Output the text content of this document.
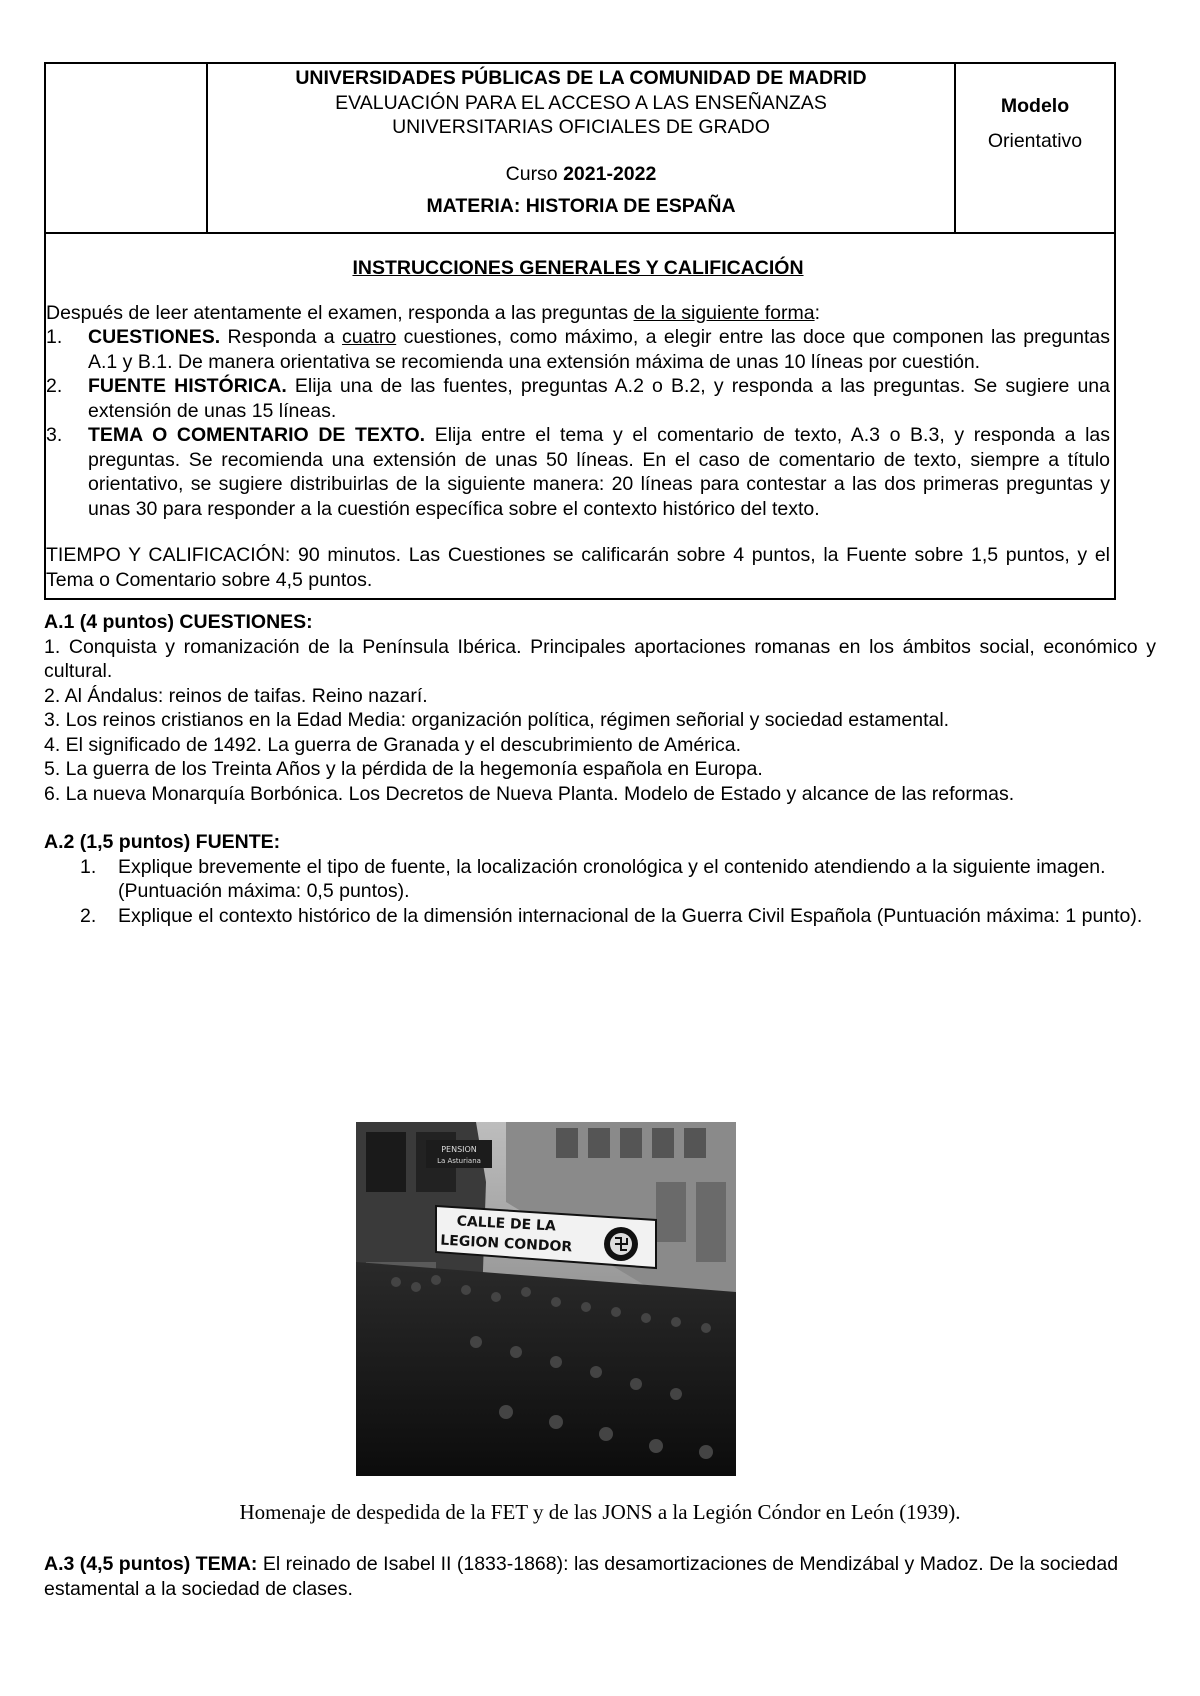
UNIVERSIDADES PÚBLICAS DE LA COMUNIDAD DE MADRID
EVALUACIÓN PARA EL ACCESO A LAS ENSEÑANZAS
UNIVERSITARIAS OFICIALES DE GRADO
Curso 2021-2022
MATERIA: HISTORIA DE ESPAÑA
Modelo
Orientativo
INSTRUCCIONES GENERALES Y CALIFICACIÓN
Después de leer atentamente el examen, responda a las preguntas de la siguiente forma:
1. CUESTIONES. Responda a cuatro cuestiones, como máximo, a elegir entre las doce que componen las preguntas A.1 y B.1. De manera orientativa se recomienda una extensión máxima de unas 10 líneas por cuestión.
2. FUENTE HISTÓRICA. Elija una de las fuentes, preguntas A.2 o B.2, y responda a las preguntas. Se sugiere una extensión de unas 15 líneas.
3. TEMA O COMENTARIO DE TEXTO. Elija entre el tema y el comentario de texto, A.3 o B.3, y responda a las preguntas. Se recomienda una extensión de unas 50 líneas. En el caso de comentario de texto, siempre a título orientativo, se sugiere distribuirlas de la siguiente manera: 20 líneas para contestar a las dos primeras preguntas y unas 30 para responder a la cuestión específica sobre el contexto histórico del texto.
TIEMPO Y CALIFICACIÓN: 90 minutos. Las Cuestiones se calificarán sobre 4 puntos, la Fuente sobre 1,5 puntos, y el Tema o Comentario sobre 4,5 puntos.
A.1 (4 puntos) CUESTIONES:
1. Conquista y romanización de la Península Ibérica. Principales aportaciones romanas en los ámbitos social, económico y cultural.
2. Al Ándalus: reinos de taifas. Reino nazarí.
3. Los reinos cristianos en la Edad Media: organización política, régimen señorial y sociedad estamental.
4. El significado de 1492. La guerra de Granada y el descubrimiento de América.
5. La guerra de los Treinta Años y la pérdida de la hegemonía española en Europa.
6. La nueva Monarquía Borbónica. Los Decretos de Nueva Planta. Modelo de Estado y alcance de las reformas.
A.2 (1,5 puntos) FUENTE:
1. Explique brevemente el tipo de fuente, la localización cronológica y el contenido atendiendo a la siguiente imagen. (Puntuación máxima: 0,5 puntos).
2. Explique el contexto histórico de la dimensión internacional de la Guerra Civil Española (Puntuación máxima: 1 punto).
PENSION
La Asturiana
CALLE DE LA
LEGION CONDOR
Homenaje de despedida de la FET y de las JONS a la Legión Cóndor en León (1939).
A.3 (4,5 puntos) TEMA: El reinado de Isabel II (1833-1868): las desamortizaciones de Mendizábal y Madoz. De la sociedad estamental a la sociedad de clases.
